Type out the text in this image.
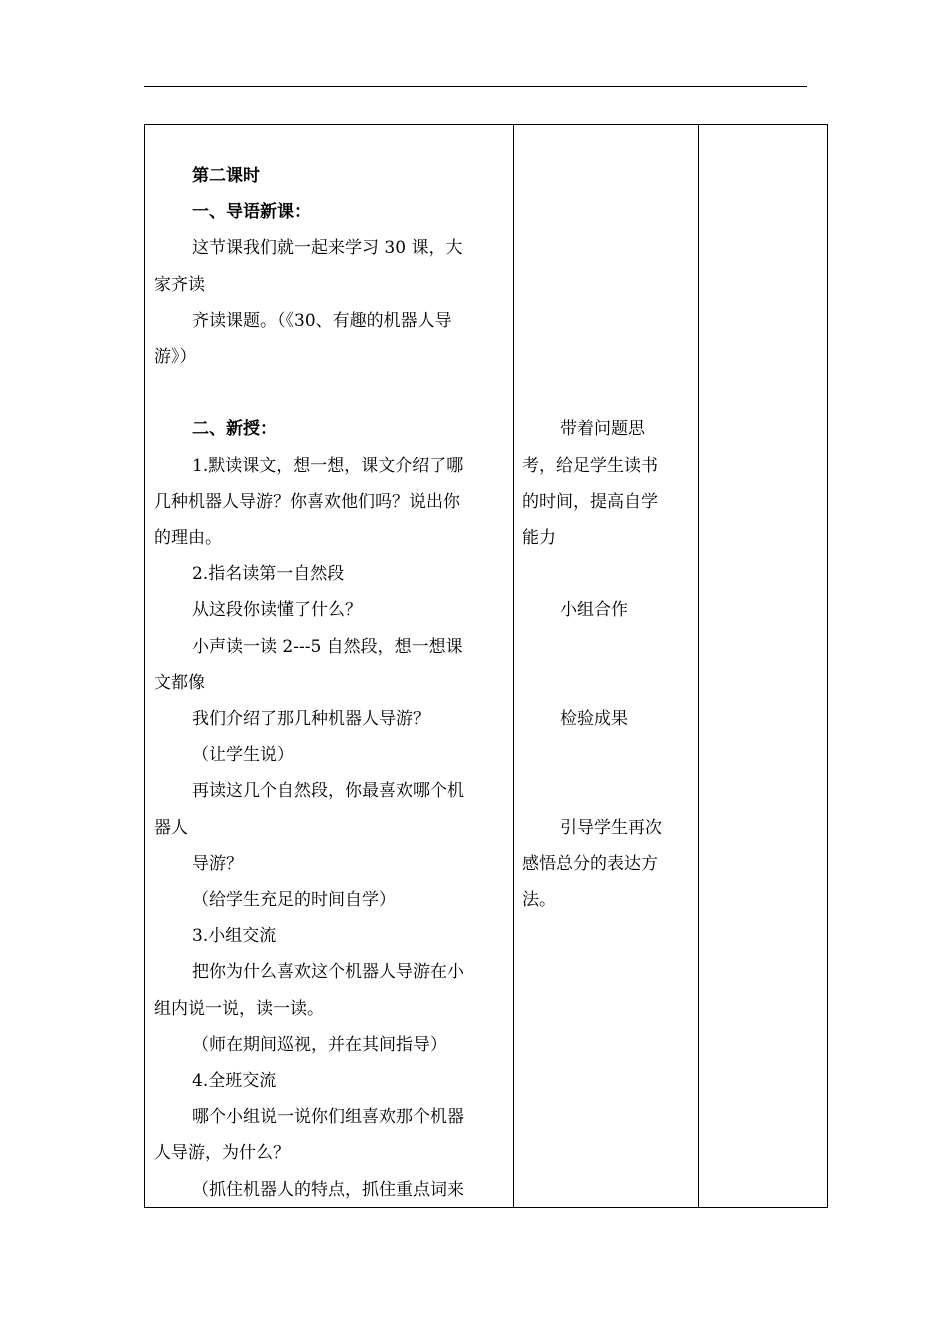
第二课时
一、导语新课：
这节课我们就一起来学习 30 课，大
家齐读
齐读课题。（《30、有趣的机器人导
游》）
二、新授：
1.默读课文，想一想，课文介绍了哪
几种机器人导游？你喜欢他们吗？说出你
的理由。
2.指名读第一自然段
从这段你读懂了什么？
小声读一读 2---5 自然段，想一想课
文都像
我们介绍了那几种机器人导游？
（让学生说）
再读这几个自然段，你最喜欢哪个机
器人
导游？
（给学生充足的时间自学）
3.小组交流
把你为什么喜欢这个机器人导游在小
组内说一说，读一读。
（师在期间巡视，并在其间指导）
4.全班交流
哪个小组说一说你们组喜欢那个机器
人导游，为什么？
（抓住机器人的特点，抓住重点词来
带着问题思
考，给足学生读书
的时间，提高自学
能力
小组合作
检验成果
引导学生再次
感悟总分的表达方
法。
